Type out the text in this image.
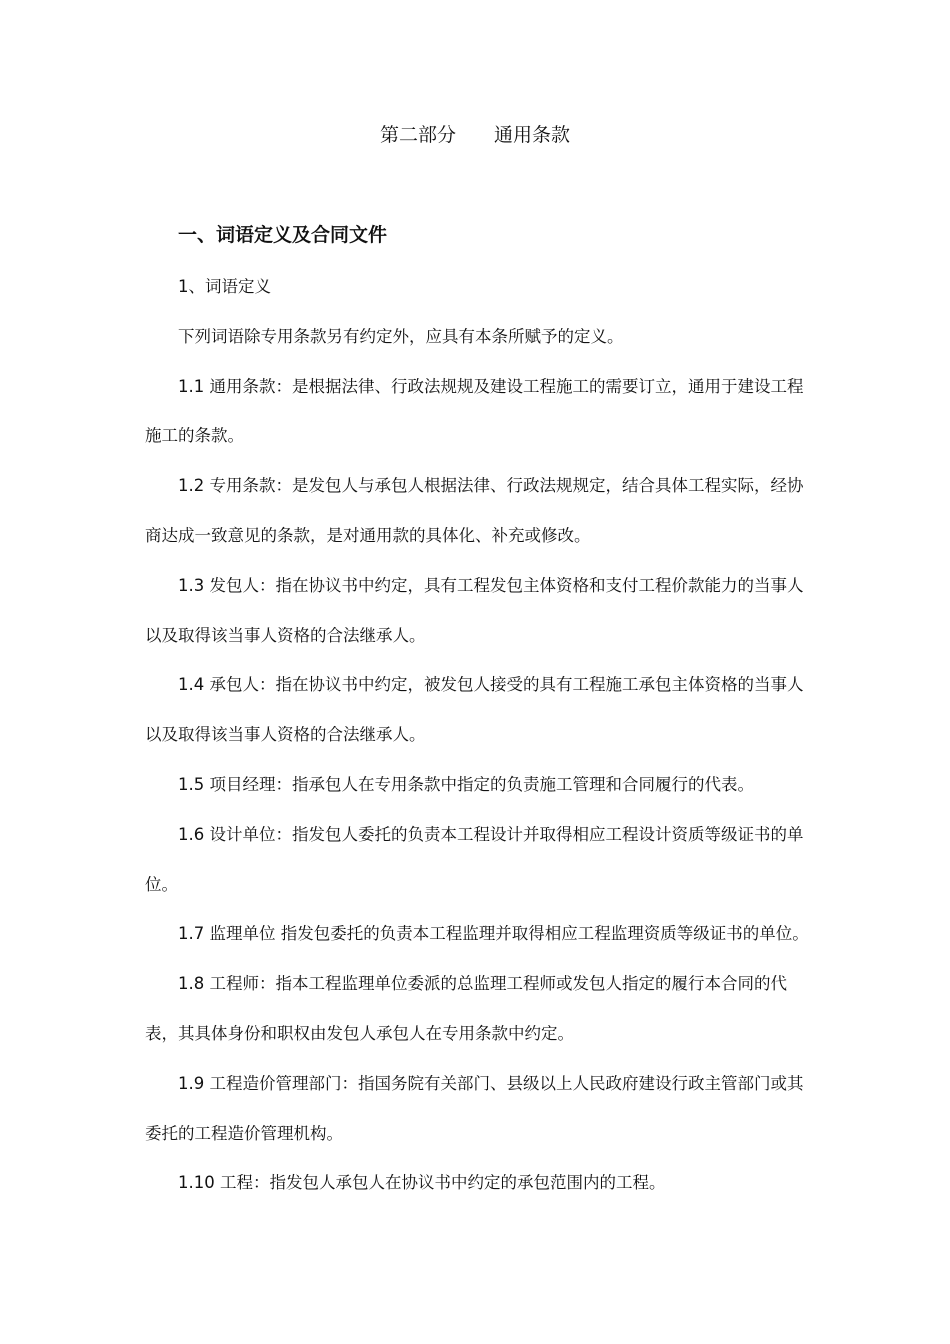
第二部分 通用条款
一、词语定义及合同文件
1、词语定义
下列词语除专用条款另有约定外，应具有本条所赋予的定义。
1.1 通用条款：是根据法律、行政法规规及建设工程施工的需要订立，通用于建设工程
施工的条款。
1.2 专用条款：是发包人与承包人根据法律、行政法规规定，结合具体工程实际，经协
商达成一致意见的条款，是对通用款的具体化、补充或修改。
1.3 发包人：指在协议书中约定，具有工程发包主体资格和支付工程价款能力的当事人
以及取得该当事人资格的合法继承人。
1.4 承包人：指在协议书中约定，被发包人接受的具有工程施工承包主体资格的当事人
以及取得该当事人资格的合法继承人。
1.5 项目经理：指承包人在专用条款中指定的负责施工管理和合同履行的代表。
1.6 设计单位：指发包人委托的负责本工程设计并取得相应工程设计资质等级证书的单
位。
1.7 监理单位 指发包委托的负责本工程监理并取得相应工程监理资质等级证书的单位。
1.8 工程师：指本工程监理单位委派的总监理工程师或发包人指定的履行本合同的代
表，其具体身份和职权由发包人承包人在专用条款中约定。
1.9 工程造价管理部门：指国务院有关部门、县级以上人民政府建设行政主管部门或其
委托的工程造价管理机构。
1.10 工程：指发包人承包人在协议书中约定的承包范围内的工程。
